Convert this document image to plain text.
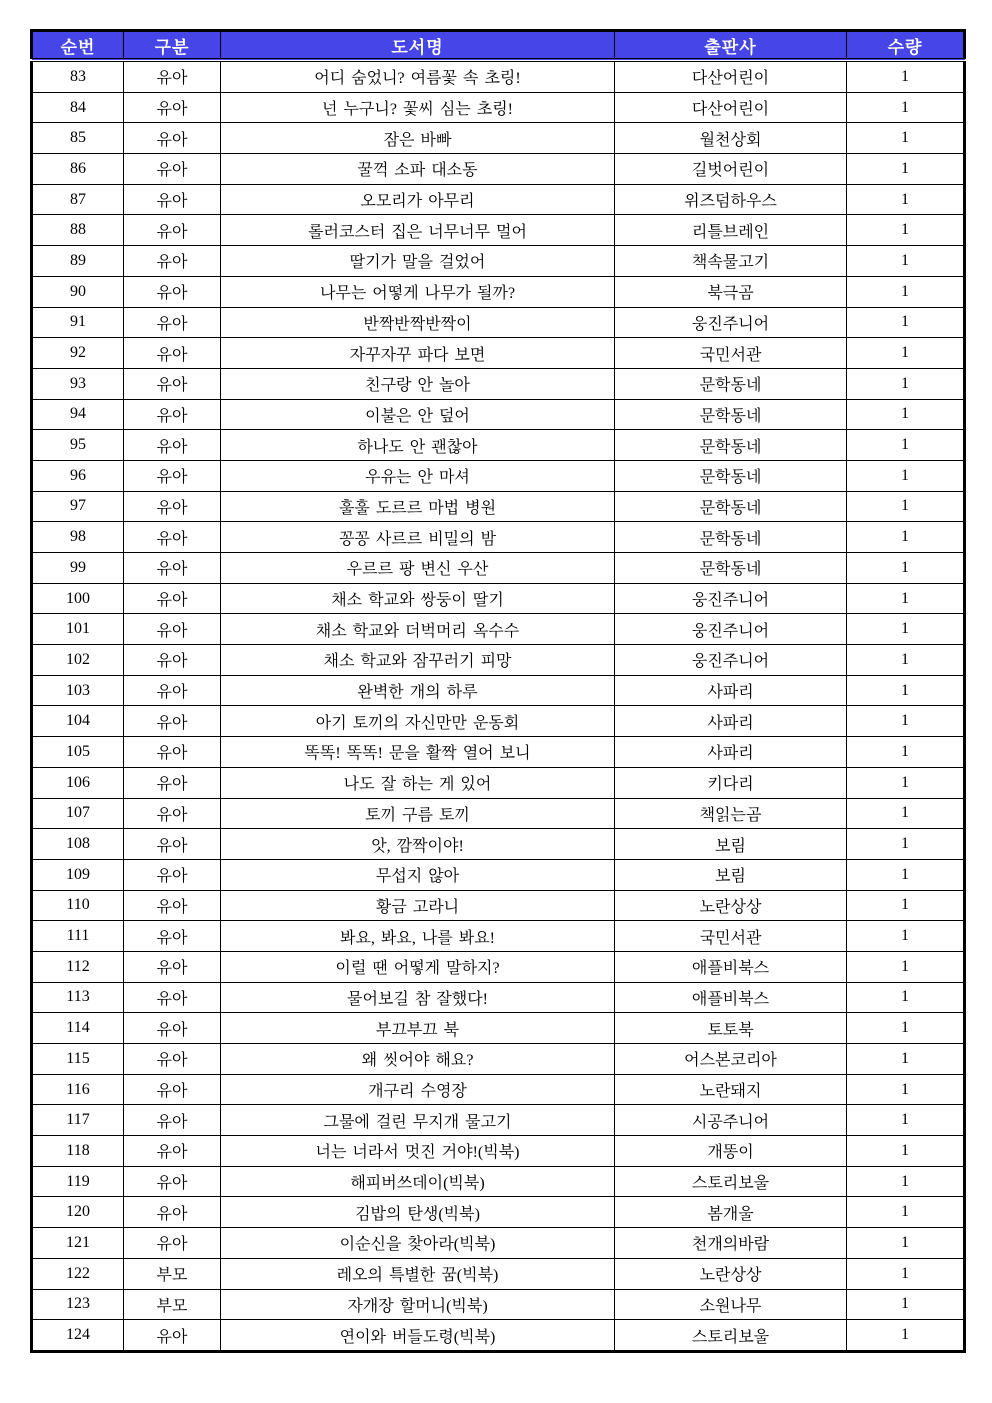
순번	구분	도서명	출판사	수량
83	유아	어디 숨었니? 여름꽃 속 초링!	다산어린이	1
84	유아	넌 누구니? 꽃씨 심는 초링!	다산어린이	1
85	유아	잠은 바빠	월천상회	1
86	유아	꿀꺽 소파 대소동	길벗어린이	1
87	유아	오모리가 아무리	위즈덤하우스	1
88	유아	롤러코스터 집은 너무너무 멀어	리틀브레인	1
89	유아	딸기가 말을 걸었어	책속물고기	1
90	유아	나무는 어떻게 나무가 될까?	북극곰	1
91	유아	반짝반짝반짝이	웅진주니어	1
92	유아	자꾸자꾸 파다 보면	국민서관	1
93	유아	친구랑 안 놀아	문학동네	1
94	유아	이불은 안 덮어	문학동네	1
95	유아	하나도 안 괜찮아	문학동네	1
96	유아	우유는 안 마셔	문학동네	1
97	유아	훌훌 도르르 마법 병원	문학동네	1
98	유아	꽁꽁 사르르 비밀의 밤	문학동네	1
99	유아	우르르 팡 변신 우산	문학동네	1
100	유아	채소 학교와 쌍둥이 딸기	웅진주니어	1
101	유아	채소 학교와 더벅머리 옥수수	웅진주니어	1
102	유아	채소 학교와 잠꾸러기 피망	웅진주니어	1
103	유아	완벽한 개의 하루	사파리	1
104	유아	아기 토끼의 자신만만 운동회	사파리	1
105	유아	똑똑! 똑똑! 문을 활짝 열어 보니	사파리	1
106	유아	나도 잘 하는 게 있어	키다리	1
107	유아	토끼 구름 토끼	책읽는곰	1
108	유아	앗, 깜짝이야!	보림	1
109	유아	무섭지 않아	보림	1
110	유아	황금 고라니	노란상상	1
111	유아	봐요, 봐요, 나를 봐요!	국민서관	1
112	유아	이럴 땐 어떻게 말하지?	애플비북스	1
113	유아	물어보길 참 잘했다!	애플비북스	1
114	유아	부끄부끄 북	토토북	1
115	유아	왜 씻어야 해요?	어스본코리아	1
116	유아	개구리 수영장	노란돼지	1
117	유아	그물에 걸린 무지개 물고기	시공주니어	1
118	유아	너는 너라서 멋진 거야!(빅북)	개똥이	1
119	유아	해피버쓰데이(빅북)	스토리보울	1
120	유아	김밥의 탄생(빅북)	봄개울	1
121	유아	이순신을 찾아라(빅북)	천개의바람	1
122	부모	레오의 특별한 꿈(빅북)	노란상상	1
123	부모	자개장 할머니(빅북)	소원나무	1
124	유아	연이와 버들도령(빅북)	스토리보울	1
